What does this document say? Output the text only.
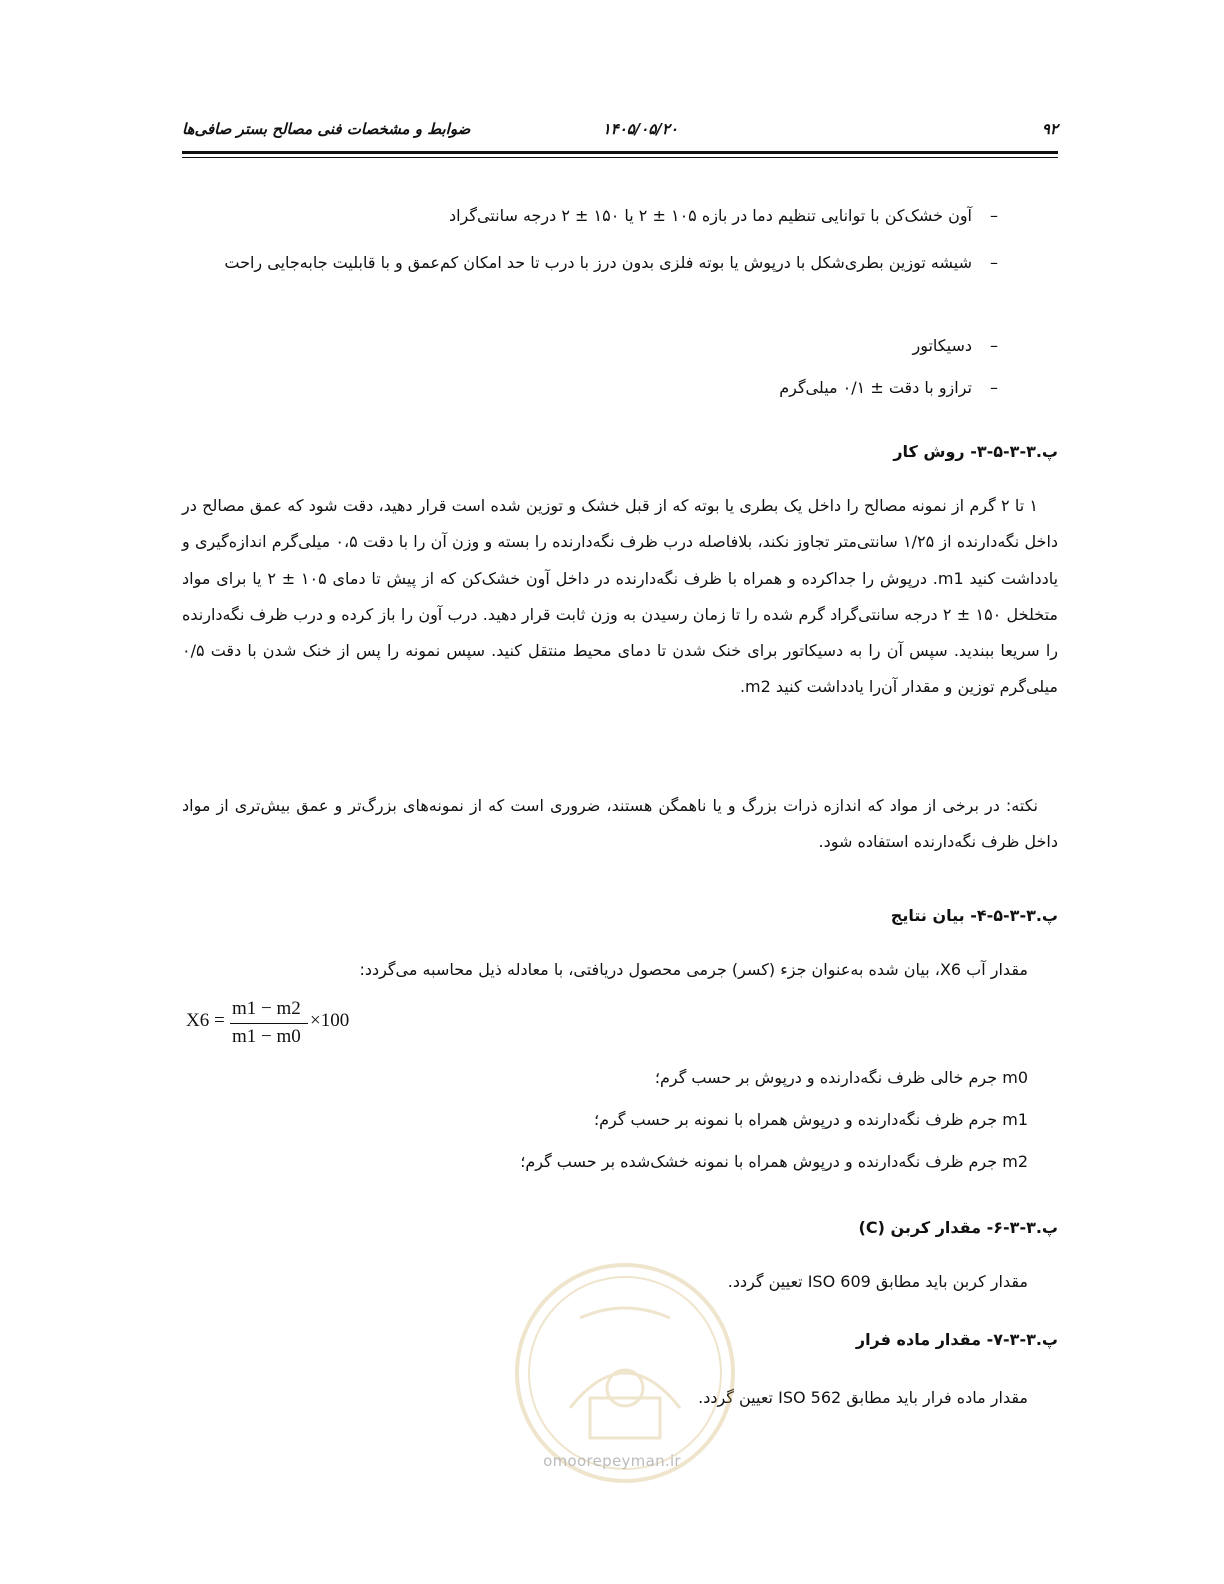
۹۲
۱۴۰۵/۰۵/۲۰
ضوابط و مشخصات فنی مصالح بستر صافی‌ها
–آون خشک‌کن با توانایی تنظیم دما در بازه ۱۰۵ ± ۲ یا ۱۵۰ ± ۲ درجه سانتی‌گراد
–شیشه توزین بطری‌شکل با درپوش یا بوته فلزی بدون درز با درب تا حد امکان کم‌عمق و با قابلیت جابه‌جایی راحت
–دسیکاتور
–ترازو با دقت ± ۰/۱ میلی‌گرم
پ.۳-۳-۵-۳- روش کار
۱ تا ۲ گرم از نمونه مصالح را داخل یک بطری یا بوته که از قبل خشک و توزین شده است قرار دهید، دقت شود که عمق مصالح در داخل نگه‌دارنده از ۱/۲۵ سانتی‌متر تجاوز نکند، بلافاصله درب ظرف نگه‌دارنده را بسته و وزن آن را با دقت ۰،۵ میلی‌گرم اندازه‌گیری و یادداشت کنید m1. درپوش را جداکرده و همراه با ظرف نگه‌دارنده در داخل آون خشک‌کن که از پیش تا دمای ۱۰۵ ± ۲ یا برای مواد متخلخل ۱۵۰ ± ۲ درجه سانتی‌گراد گرم شده را تا زمان رسیدن به وزن ثابت قرار دهید. درب آون را باز کرده و درب ظرف نگه‌دارنده را سریعا ببندید. سپس آن را به دسیکاتور برای خنک شدن تا دمای محیط منتقل کنید. سپس نمونه را پس از خنک شدن با دقت ۰/۵ میلی‌گرم توزین و مقدار آن‌را یادداشت کنید m2.
نکته: در برخی از مواد که اندازه ذرات بزرگ و یا ناهمگن هستند، ضروری است که از نمونه‌های بزرگ‌تر و عمق بیش‌تری از مواد داخل ظرف نگه‌دارنده استفاده شود.
پ.۳-۳-۵-۴- بیان نتایج
مقدار آب X6، بیان شده به‌عنوان جزء (کسر) جرمی محصول دریافتی، با معادله ذیل محاسبه می‌گردد:
X6 =
m1 − m2
m1 − m0
×100
m0 جرم خالی ظرف نگه‌دارنده و درپوش بر حسب گرم؛
m1 جرم ظرف نگه‌دارنده و درپوش همراه با نمونه بر حسب گرم؛
m2 جرم ظرف نگه‌دارنده و درپوش همراه با نمونه خشک‌شده بر حسب گرم؛
پ.۳-۳-۶- مقدار کربن (C)
مقدار کربن باید مطابق ISO 609 تعیین گردد.
پ.۳-۳-۷- مقدار ماده فرار
مقدار ماده فرار باید مطابق ISO 562 تعیین گردد.
omoorepeyman.ir
